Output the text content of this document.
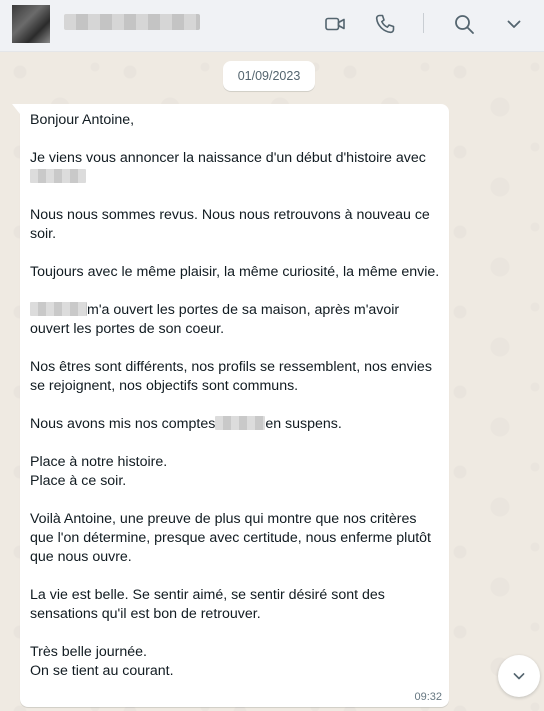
01/09/2023

Bonjour Antoine,

Je viens vous annoncer la naissance d'un début d'histoire avec

Nous nous sommes revus. Nous nous retrouvons à nouveau ce soir.

Toujours avec le même plaisir, la même curiosité, la même envie.

m'a ouvert les portes de sa maison, après m'avoir ouvert les portes de son coeur.

Nos êtres sont différents, nos profils se ressemblent, nos envies se rejoignent, nos objectifs sont communs.

Nous avons mis nos comptes	en suspens.

Place à notre histoire.
Place à ce soir.

Voilà Antoine, une preuve de plus qui montre que nos critères que l'on détermine, presque avec certitude, nous enferme plutôt que nous ouvre.

La vie est belle. Se sentir aimé, se sentir désiré sont des sensations qu'il est bon de retrouver.

Très belle journée.
On se tient au courant.

09:32
